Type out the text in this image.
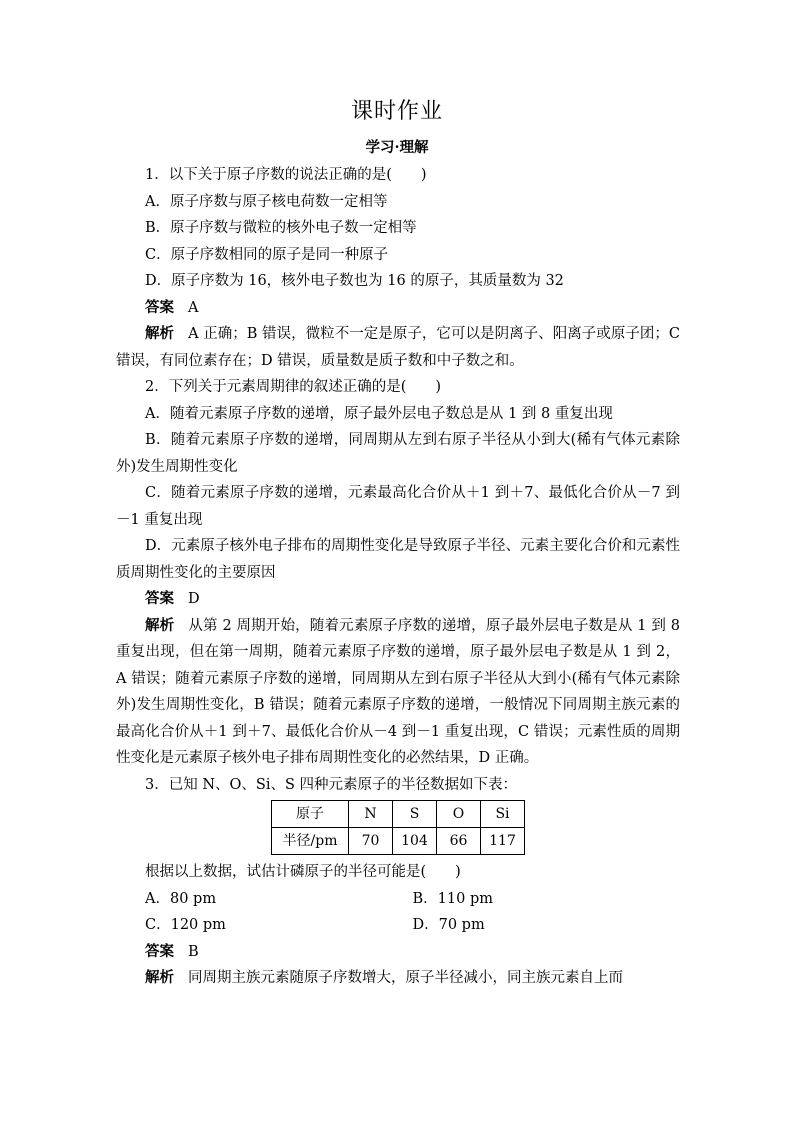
课时作业
学习·理解

1．以下关于原子序数的说法正确的是(　　)

A．原子序数与原子核电荷数一定相等

B．原子序数与微粒的核外电子数一定相等

C．原子序数相同的原子是同一种原子

D．原子序数为 16，核外电子数也为 16 的原子，其质量数为 32

答案 A

解析 A 正确；B 错误，微粒不一定是原子，它可以是阴离子、阳离子或原子团；C 错误，有同位素存在；D 错误，质量数是质子数和中子数之和。

2．下列关于元素周期律的叙述正确的是(　　)

A．随着元素原子序数的递增，原子最外层电子数总是从 1 到 8 重复出现

B．随着元素原子序数的递增，同周期从左到右原子半径从小到大(稀有气体元素除外)发生周期性变化

C．随着元素原子序数的递增，元素最高化合价从＋1 到＋7、最低化合价从－7 到－1 重复出现

D．元素原子核外电子排布的周期性变化是导致原子半径、元素主要化合价和元素性质周期性变化的主要原因

答案 D

解析 从第 2 周期开始，随着元素原子序数的递增，原子最外层电子数是从 1 到 8 重复出现，但在第一周期，随着元素原子序数的递增，原子最外层电子数是从 1 到 2，A 错误；随着元素原子序数的递增，同周期从左到右原子半径从大到小(稀有气体元素除外)发生周期性变化，B 错误；随着元素原子序数的递增，一般情况下同周期主族元素的最高化合价从＋1 到＋7、最低化合价从－4 到－1 重复出现，C 错误；元素性质的周期性变化是元素原子核外电子排布周期性变化的必然结果，D 正确。

3．已知 N、O、Si、S 四种元素原子的半径数据如下表：

原子	N	S	O	Si
半径/pm	70	104	66	117

根据以上数据，试估计磷原子的半径可能是(　　)

A．80 pm	B．110 pm
C．120 pm	D．70 pm

答案 B

解析 同周期主族元素随原子序数增大，原子半径减小，同主族元素自上而
